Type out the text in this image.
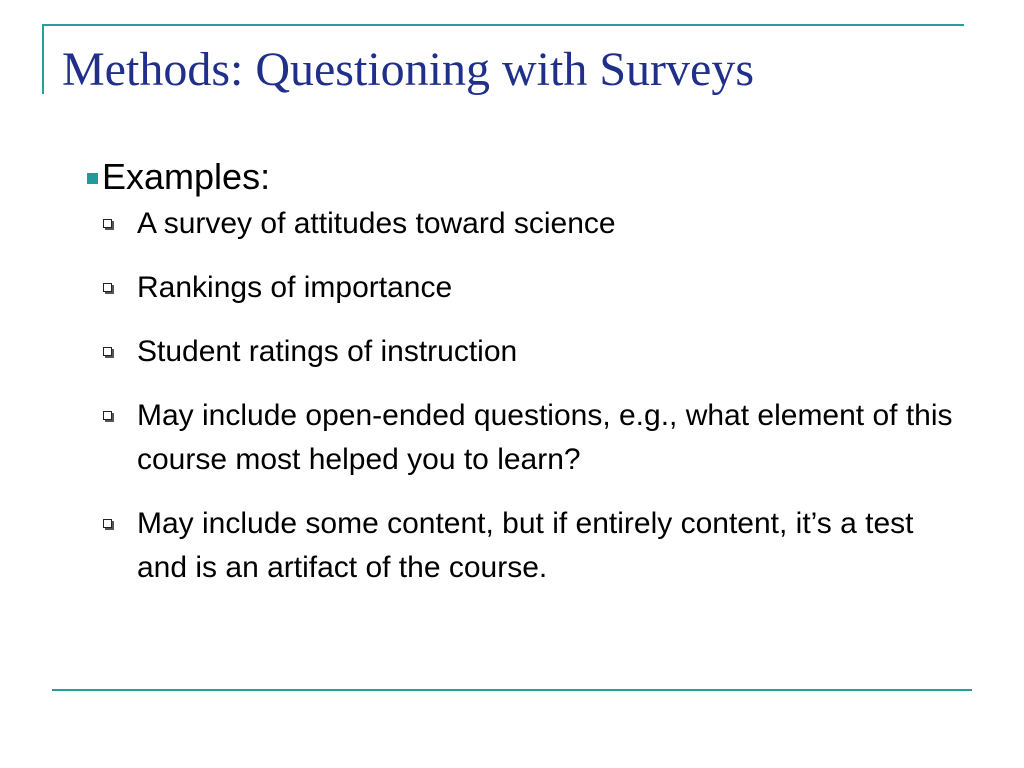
Methods: Questioning with Surveys
Examples:
A survey of attitudes toward science
Rankings of importance
Student ratings of instruction
May include open-ended questions, e.g., what element of this course most helped you to learn?
May include some content, but if entirely content, it’s a test and is an artifact of the course.
